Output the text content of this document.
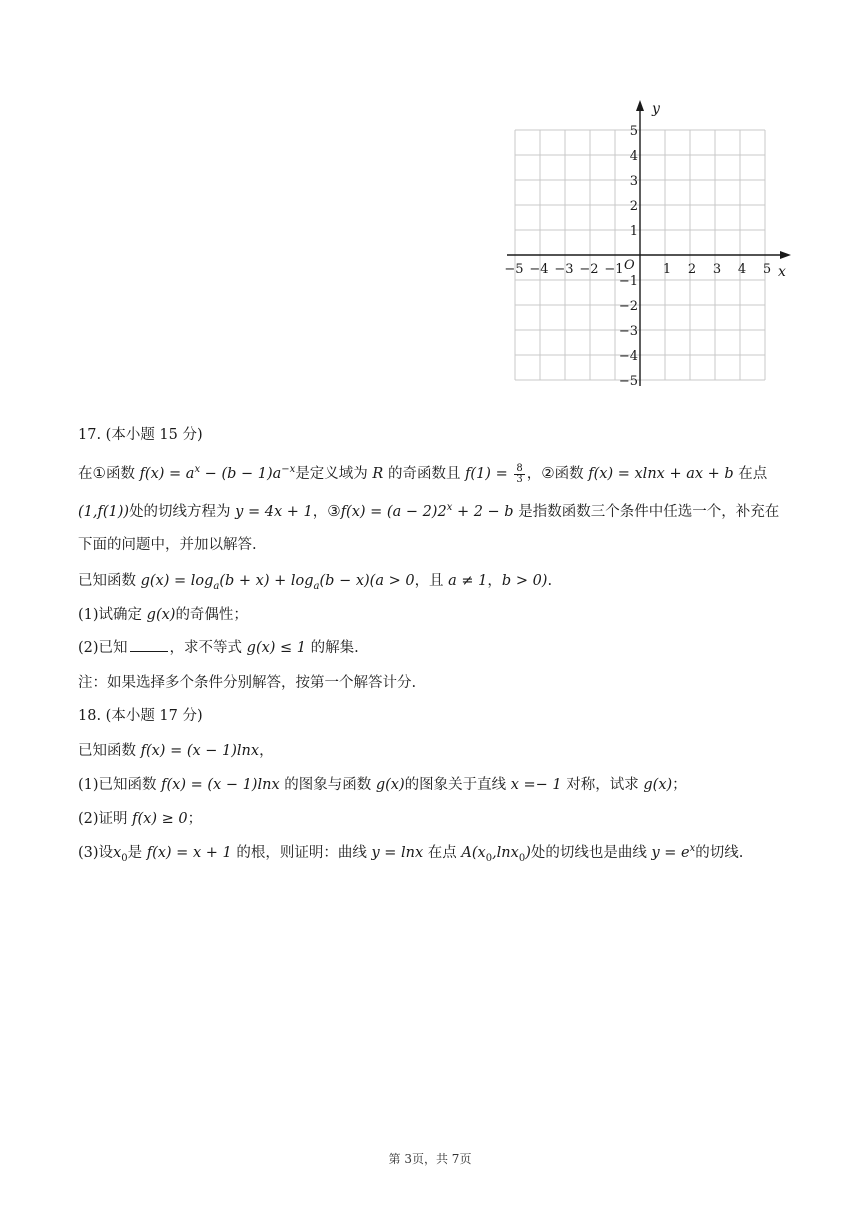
y
x
O
−5 −4 −3 −2 −1	1 2 3 4 5
5
4
3
2
1
−1
−2
−3
−4
−5
17. (本小题 15 分)
在①函数 $f(x) = a^x - (b - 1)a^{-x}$是定义域为 R 的奇函数且 $f(1) = \frac{8}{3}$ ，②函数 f(x) = xlnx + ax + b 在点
(1,f(1))处的切线方程为 y = 4x + 1，③f(x) = $(a - 2)2^x + 2 - b$ 是指数函数三个条件中任选一个，补充在
下面的问题中，并加以解答.
已知函数 $g(x) = \log_a(b + x) + \log_a(b - x)(a > 0$，且 a ≠ 1，b > 0).
(1)试确定 g(x)的奇偶性；
(2)已知	，求不等式 g(x) ≤ 1 的解集.
注：如果选择多个条件分别解答，按第一个解答计分.
18. (本小题 17 分)
已知函数 f(x) = (x − 1)lnx，
(1)已知函数 f(x) = (x − 1)lnx 的图象与函数 g(x)的图象关于直线 x =− 1 对称，试求 g(x)；
(2)证明 f(x) ≥ 0；
(3)设$x_0$是 f(x) = x + 1 的根，则证明：曲线 y = lnx 在点 $A(x_0,\ln x_0)$处的切线也是曲线 $y = e^x$的切线.
第 3页，共 7页
